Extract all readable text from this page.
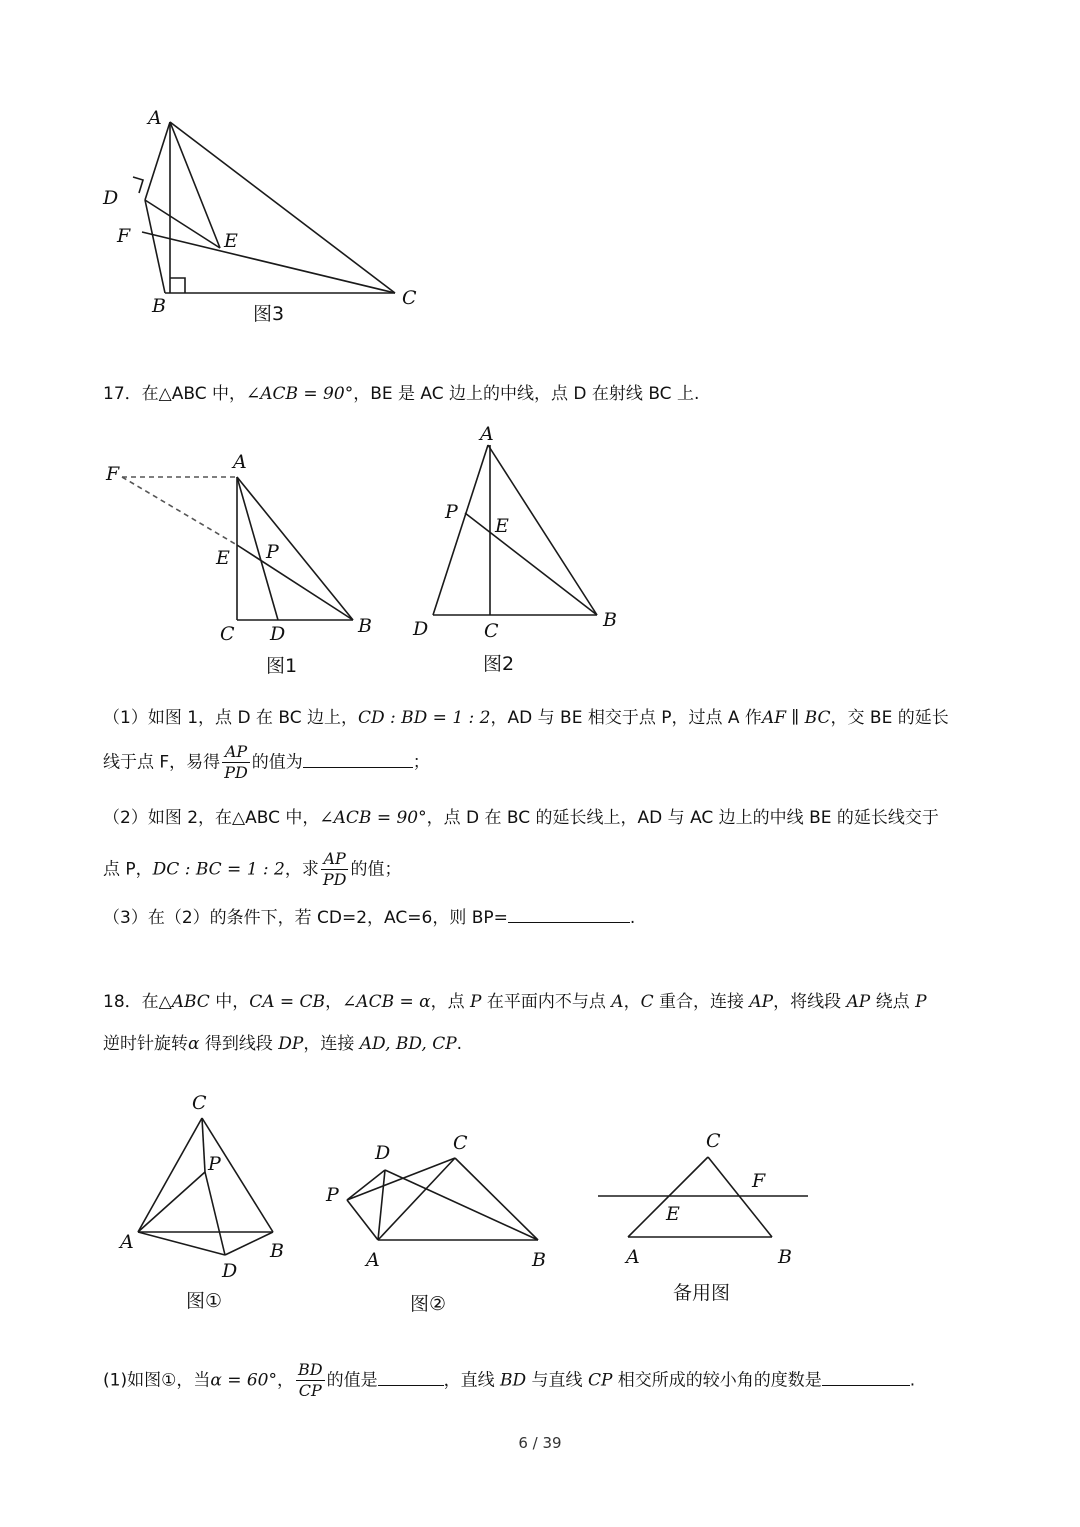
A
D
F	E
B	C
图3
17．在△ABC 中，∠ACB = 90°，BE 是 AC 边上的中线，点 D 在射线 BC 上.
F
A
E P
C D	B
图1
A
P
E
D	C	B
图2
（1）如图 1，点 D 在 BC 边上，CD : BD = 1 : 2，AD 与 BE 相交于点 P，过点 A 作AF ∥ BC，交 BE 的延长
线于点 F，易得 $\frac{AP}{PD}$ 的值为	；
（2）如图 2，在△ABC 中，∠ACB = 90°，点 D 在 BC 的延长线上，AD 与 AC 边上的中线 BE 的延长线交于
点 P，DC : BC = 1 : 2，求 $\frac{AP}{PD}$ 的值；
（3）在（2）的条件下，若 CD=2，AC=6，则 BP=	.
18．在△ABC 中，CA = CB，∠ACB = α，点 P 在平面内不与点 A，C 重合，连接 AP，将线段 AP 绕点 P
逆时针旋转α 得到线段 DP，连接 AD, BD, CP.
C
P
A	B
D
图①
D	C
P
A	B
图②
C
F
E
A	B
备用图
(1)如图①，当α = 60°， $\frac{BD}{CP}$ 的值是	，直线 BD 与直线 CP 相交所成的较小角的度数是	.
6 / 39
